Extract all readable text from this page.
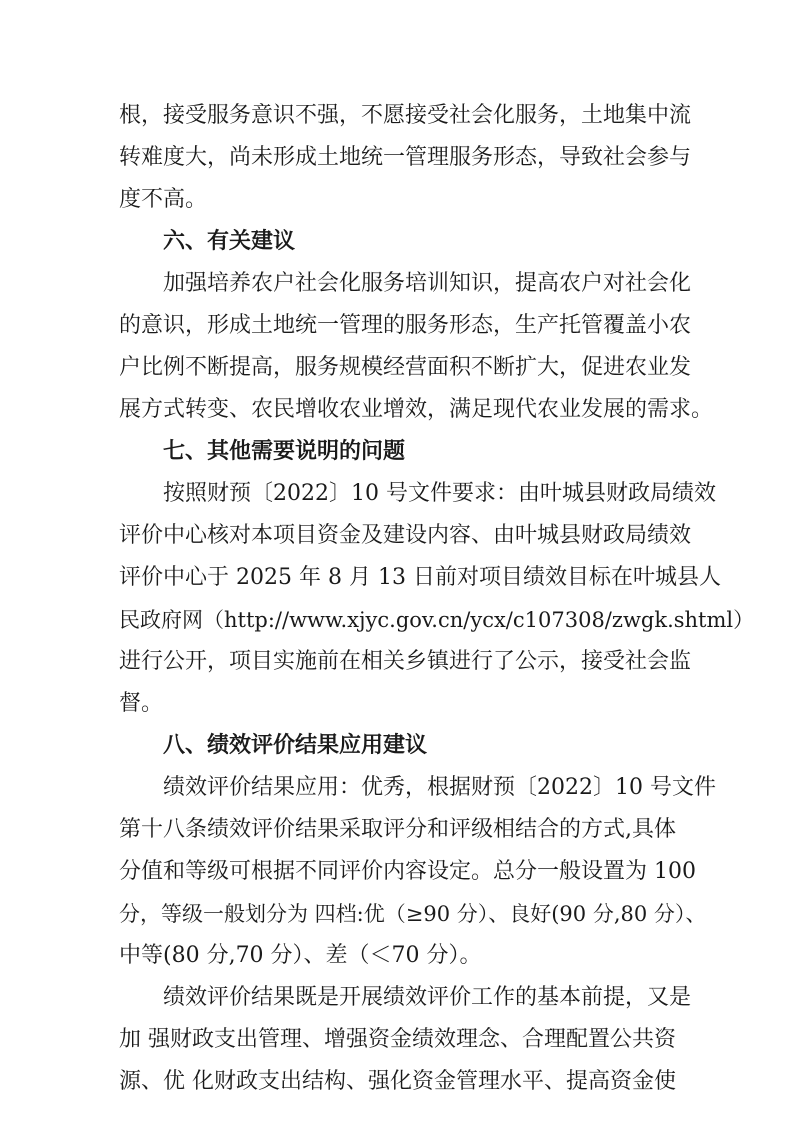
根，接受服务意识不强，不愿接受社会化服务，土地集中流
转难度大，尚未形成土地统一管理服务形态，导致社会参与
度不高。
六、有关建议
加强培养农户社会化服务培训知识，提高农户对社会化
的意识，形成土地统一管理的服务形态，生产托管覆盖小农
户比例不断提高，服务规模经营面积不断扩大，促进农业发
展方式转变、农民增收农业增效，满足现代农业发展的需求。
七、其他需要说明的问题
按照财预〔2022〕10 号文件要求：由叶城县财政局绩效
评价中心核对本项目资金及建设内容、由叶城县财政局绩效
评价中心于 2025 年 8 月 13 日前对项目绩效目标在叶城县人
民政府网（http://www.xjyc.gov.cn/ycx/c107308/zwgk.shtml）
进行公开，项目实施前在相关乡镇进行了公示，接受社会监
督。
八、绩效评价结果应用建议
绩效评价结果应用：优秀，根据财预〔2022〕10 号文件
第十八条绩效评价结果采取评分和评级相结合的方式,具体
分值和等级可根据不同评价内容设定。总分一般设置为 100
分，等级一般划分为 四档:优（≥90 分）、良好(90 分,80 分）、
中等(80 分,70 分）、差（＜70 分）。
绩效评价结果既是开展绩效评价工作的基本前提，又是
加 强财政支出管理、增强资金绩效理念、合理配置公共资
源、优 化财政支出结构、强化资金管理水平、提高资金使
